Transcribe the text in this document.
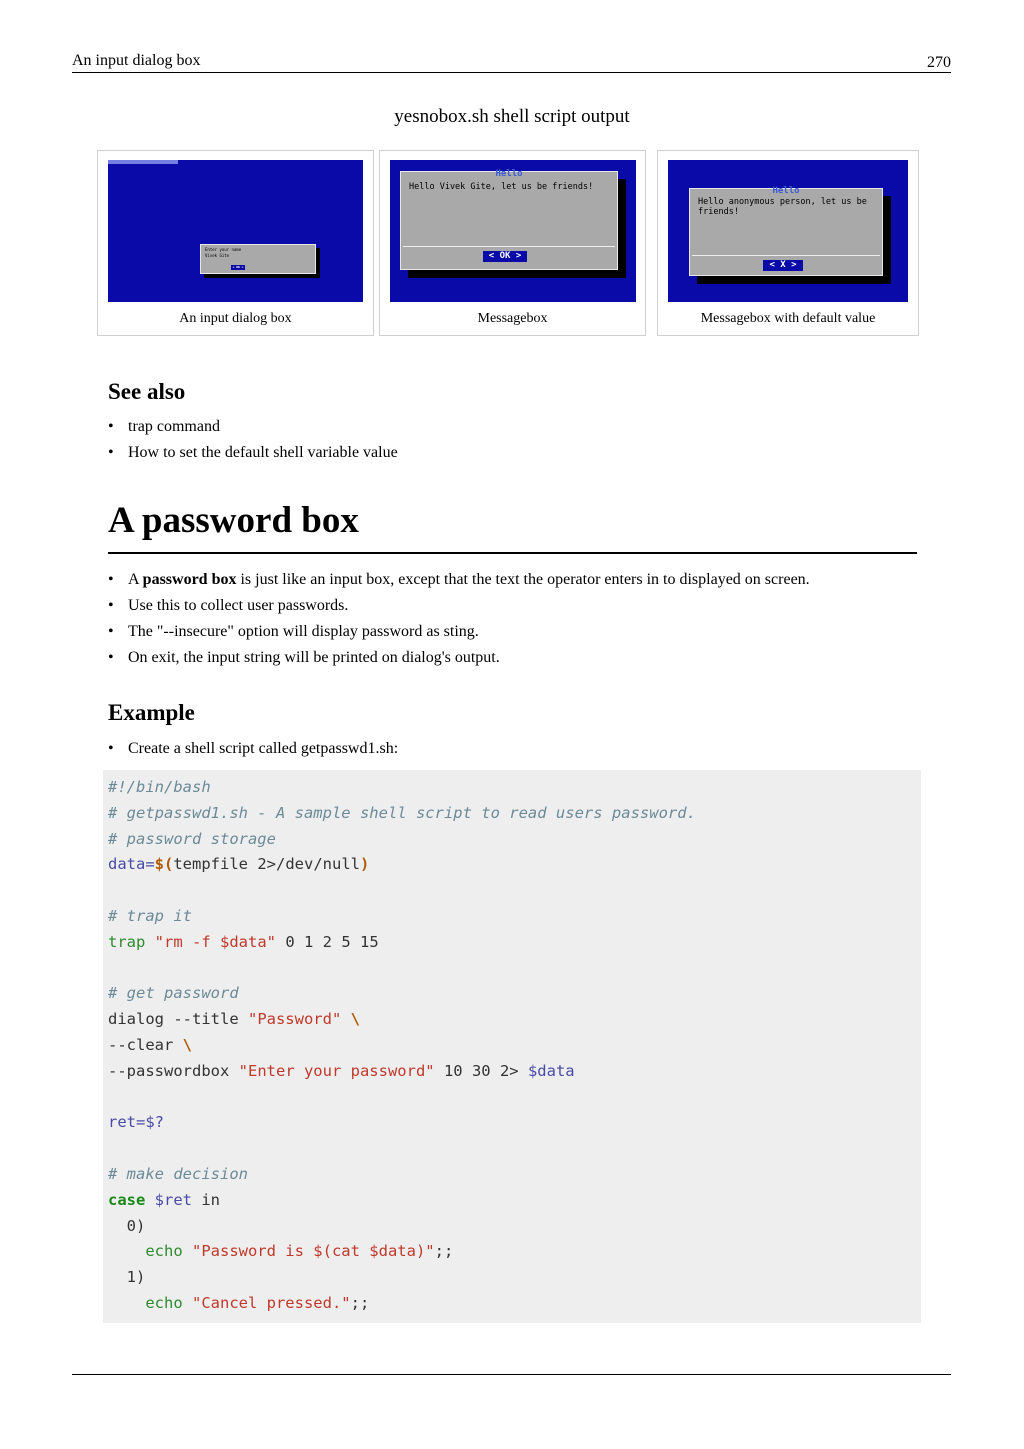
An input dialog box	270
yesnobox.sh shell script output
Enter your name
Vivek Gite
< OK >
An input dialog box
Hello
Hello Vivek Gite, let us be friends!
< OK >
Messagebox
Hello
Hello anonymous person, let us be
friends!
< X >
Messagebox with default value
See also
• trap command
• How to set the default shell variable value
A password box
• A password box is just like an input box, except that the text the operator enters in to displayed on screen.
• Use this to collect user passwords.
• The "--insecure" option will display password as sting.
• On exit, the input string will be printed on dialog's output.
Example
• Create a shell script called getpasswd1.sh:
#!/bin/bash
# getpasswd1.sh - A sample shell script to read users password.
# password storage
data=$(tempfile 2>/dev/null)

# trap it
trap "rm -f $data" 0 1 2 5 15

# get password
dialog --title "Password" \
--clear \
--passwordbox "Enter your password" 10 30 2> $data

ret=$?

# make decision
case $ret in
0)
echo "Password is $(cat $data)";;
1)
echo "Cancel pressed.";;
